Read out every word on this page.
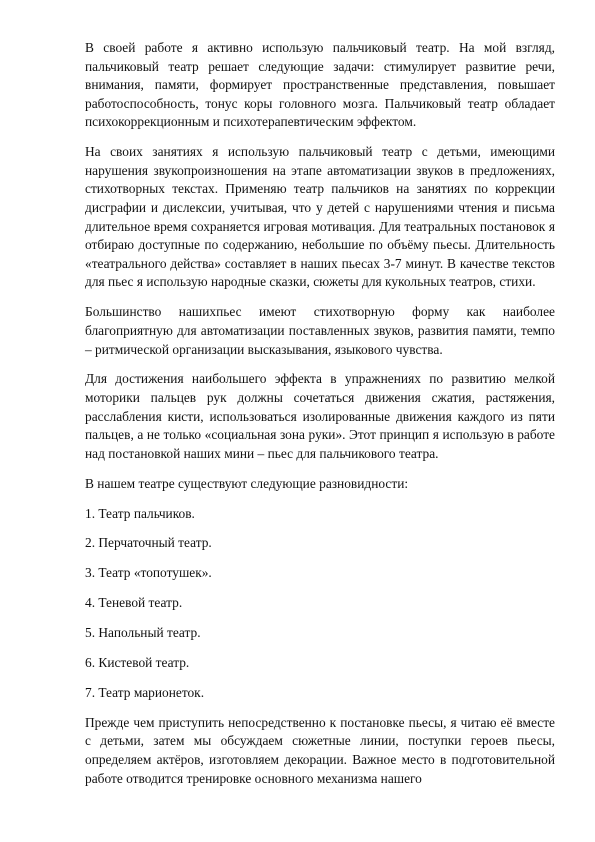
В своей работе я активно использую пальчиковый театр. На мой взгляд, пальчиковый театр решает следующие задачи: стимулирует развитие речи, внимания, памяти, формирует пространственные представления, повышает работоспособность, тонус коры головного мозга. Пальчиковый театр обладает психокоррекционным и психотерапевтическим эффектом.

На своих занятиях я использую пальчиковый театр с детьми, имеющими нарушения звукопроизношения на этапе автоматизации звуков в предложениях, стихотворных текстах. Применяю театр пальчиков на занятиях по коррекции дисграфии и дислексии, учитывая, что у детей с нарушениями чтения и письма длительное время сохраняется игровая мотивация. Для театральных постановок я отбираю доступные по содержанию, небольшие по объёму пьесы. Длительность «театрального действа» составляет в наших пьесах 3-7 минут. В качестве текстов для пьес я использую народные сказки, сюжеты для кукольных театров, стихи.

Большинство нашихпьес имеют стихотворную форму как наиболее благоприятную для автоматизации поставленных звуков, развития памяти, темпо – ритмической организации высказывания, языкового чувства.

Для достижения наибольшего эффекта в упражнениях по развитию мелкой моторики пальцев рук должны сочетаться движения сжатия, растяжения, расслабления кисти, использоваться изолированные движения каждого из пяти пальцев, а не только «социальная зона руки». Этот принцип я использую в работе над постановкой наших мини – пьес для пальчикового театра.

В нашем театре существуют следующие разновидности:

1. Театр пальчиков.
2. Перчаточный театр.
3. Театр «топотушек».
4. Теневой театр.
5. Напольный театр.
6. Кистевой театр.
7. Театр марионеток.

Прежде чем приступить непосредственно к постановке пьесы, я читаю её вместе с детьми, затем мы обсуждаем сюжетные линии, поступки героев пьесы, определяем актёров, изготовляем декорации. Важное место в подготовительной работе отводится тренировке основного механизма нашего
